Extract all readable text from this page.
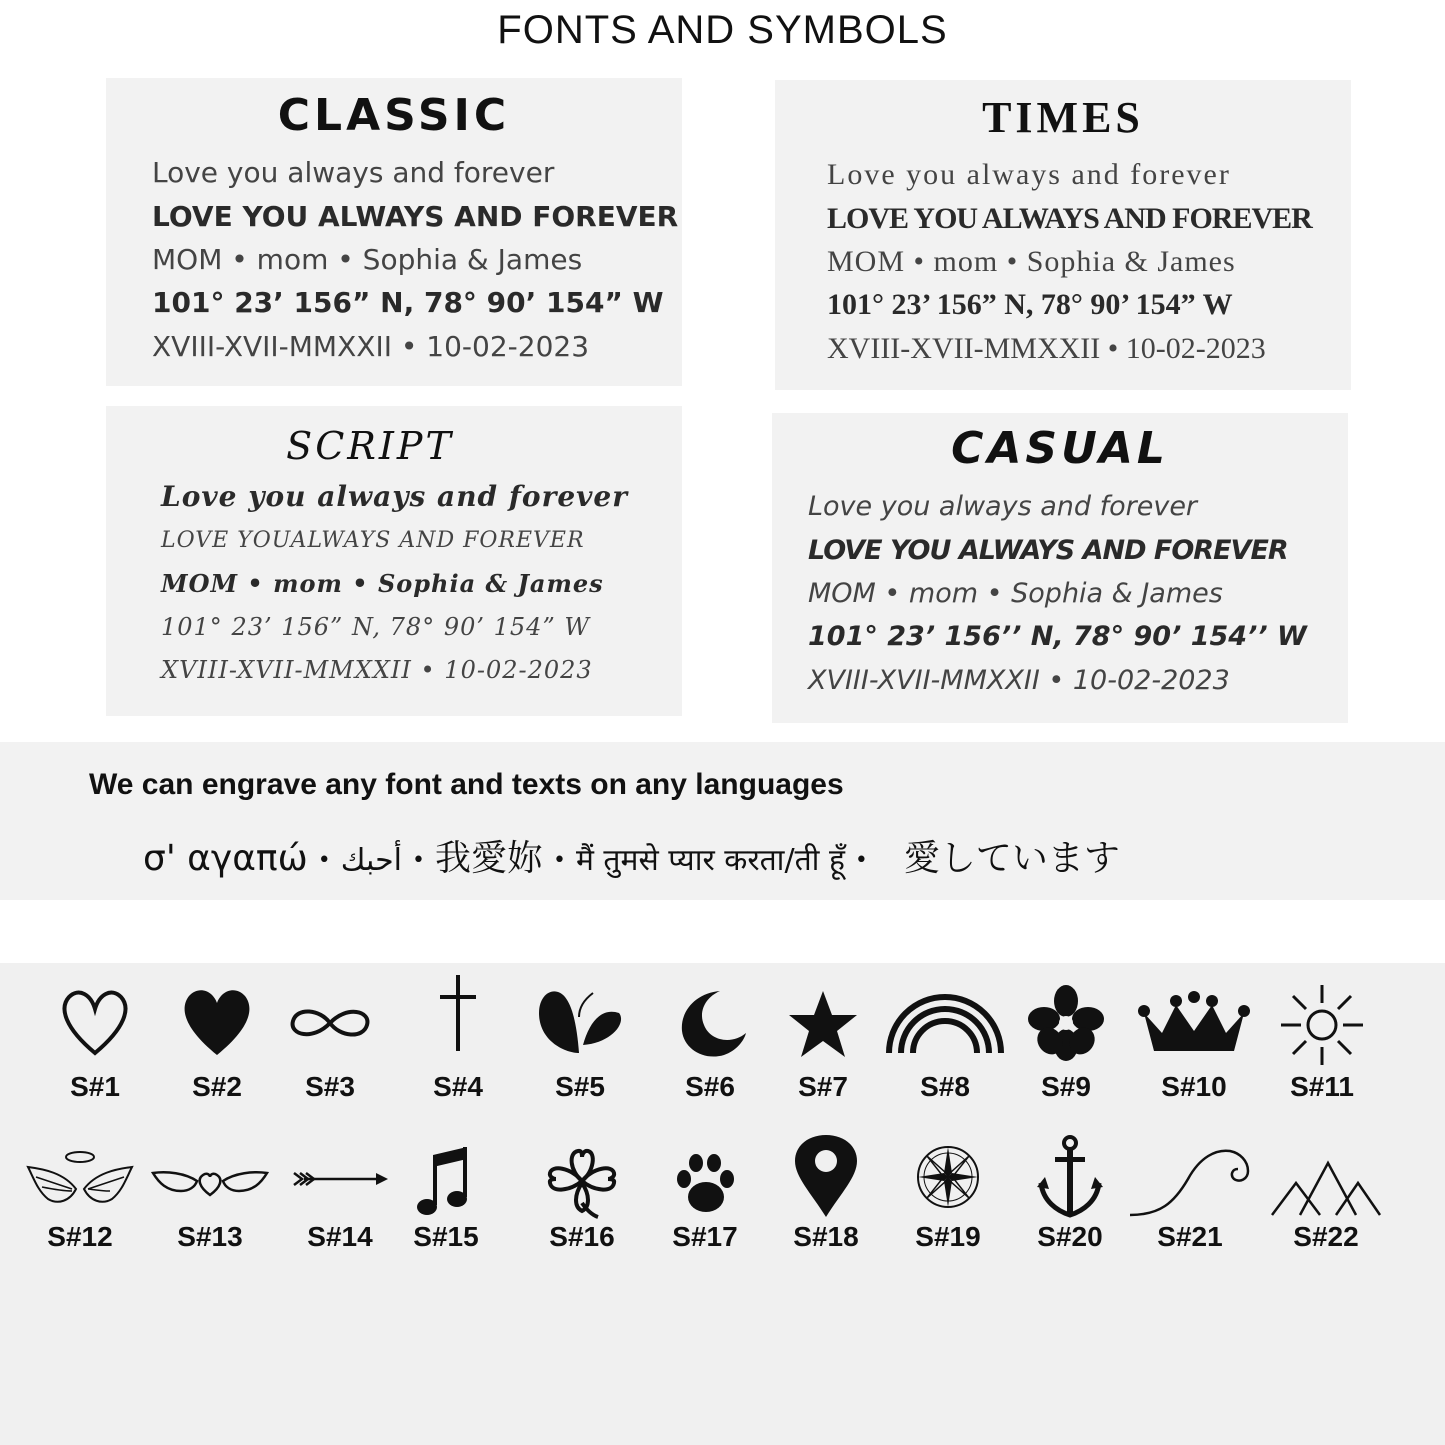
FONTS AND SYMBOLS
CLASSIC
Love you always and forever
LOVE YOU ALWAYS AND FOREVER
MOM • mom • Sophia & James
101° 23’ 156” N, 78° 90’ 154” W
XVIII-XVII-MMXXII • 10-02-2023
TIMES
Love you always and forever
LOVE YOU ALWAYS AND FOREVER
MOM • mom • Sophia & James
101° 23’ 156” N, 78° 90’ 154” W
XVIII-XVII-MMXXII • 10-02-2023
SCRIPT
Love you always and forever
LOVE YOUALWAYS AND FOREVER
MOM • mom • Sophia & James
101° 23’ 156” N, 78° 90’ 154” W
XVIII-XVII-MMXXII • 10-02-2023
CASUAL
Love you always and forever
LOVE YOU ALWAYS AND FOREVER
MOM • mom • Sophia & James
101° 23’ 156’’ N, 78° 90’ 154’’ W
XVIII-XVII-MMXXII • 10-02-2023
We can engrave any font and texts on any languages
σ' αγαπώ • أحبك • 我愛妳 • मैं तुमसे प्यार करता/ती हूँ • 愛しています
S#1	S#2	S#3	S#4	S#5	S#6	S#7	S#8	S#9	S#10	S#11
S#12	S#13	S#14	S#15	S#16	S#17	S#18	S#19	S#20	S#21	S#22
